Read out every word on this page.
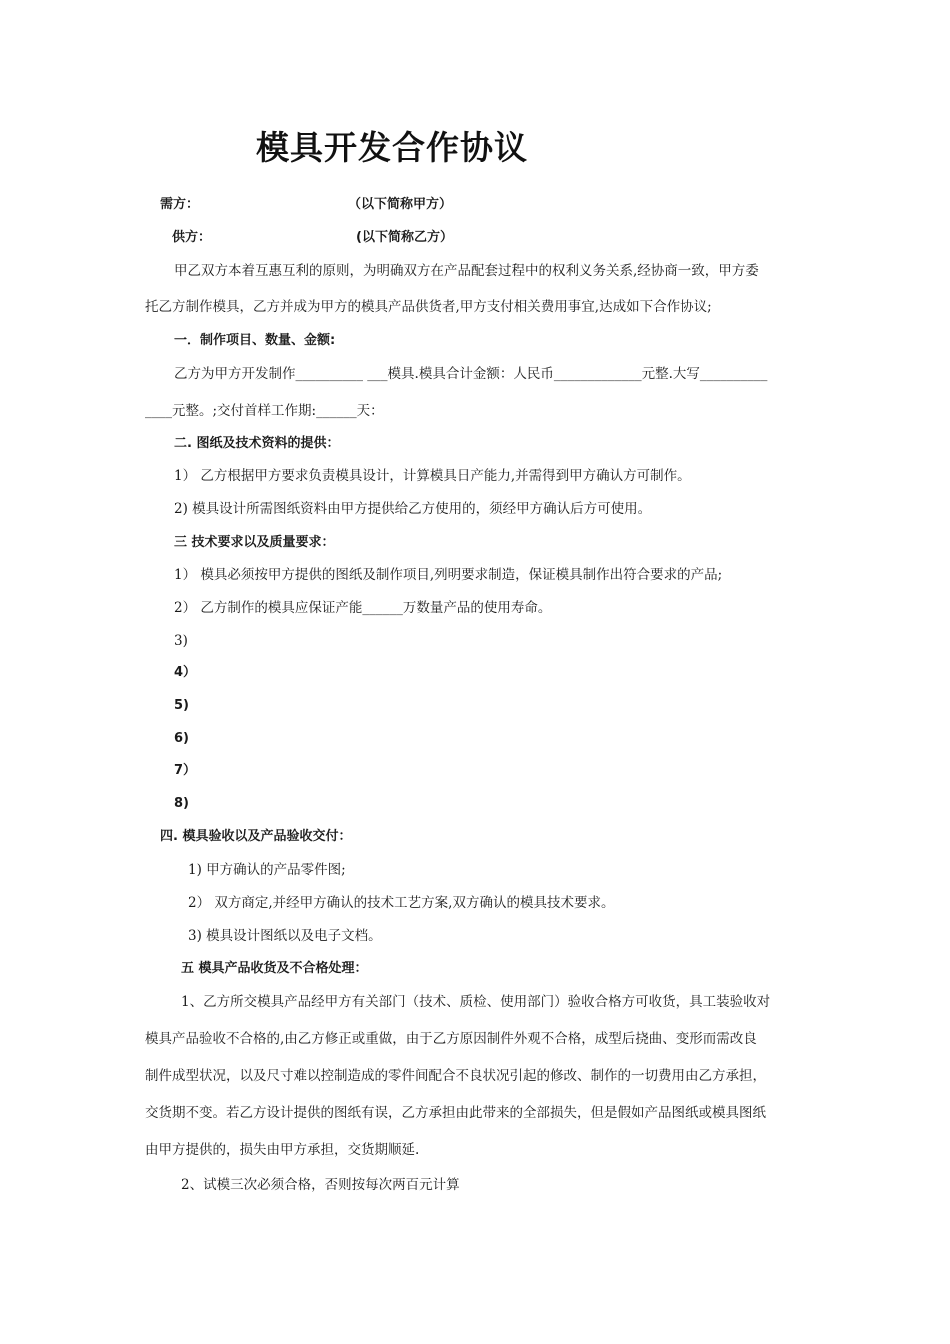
模具开发合作协议
需方：	（以下简称甲方）
供方：	(以下简称乙方）
甲乙双方本着互惠互利的原则，为明确双方在产品配套过程中的权利义务关系,经协商一致，甲方委
托乙方制作模具，乙方并成为甲方的模具产品供货者,甲方支付相关费用事宜,达成如下合作协议;
一．制作项目、数量、金额:
乙方为甲方开发制作__________ ___模具.模具合计金额：人民币_____________元整.大写__________
____元整。;交付首样工作期:______天：
二. 图纸及技术资料的提供：
1） 乙方根据甲方要求负责模具设计，计算模具日产能力,并需得到甲方确认方可制作。
2) 模具设计所需图纸资料由甲方提供给乙方使用的，须经甲方确认后方可使用。
三 技术要求以及质量要求：
1） 模具必须按甲方提供的图纸及制作项目,列明要求制造，保证模具制作出符合要求的产品;
2） 乙方制作的模具应保证产能______万数量产品的使用寿命。
3)
4）
5)
6)
7）
8)
四. 模具验收以及产品验收交付：
1) 甲方确认的产品零件图;
2） 双方商定,并经甲方确认的技术工艺方案,双方确认的模具技术要求。
3) 模具设计图纸以及电子文档。
五 模具产品收货及不合格处理：
1、乙方所交模具产品经甲方有关部门（技术、质检、使用部门）验收合格方可收货，具工装验收对
模具产品验收不合格的,由乙方修正或重做，由于乙方原因制件外观不合格，成型后挠曲、变形而需改良
制件成型状况，以及尺寸难以控制造成的零件间配合不良状况引起的修改、制作的一切费用由乙方承担，
交货期不变。若乙方设计提供的图纸有误，乙方承担由此带来的全部损失，但是假如产品图纸或模具图纸
由甲方提供的，损失由甲方承担，交货期顺延.
2、试模三次必须合格，否则按每次两百元计算
